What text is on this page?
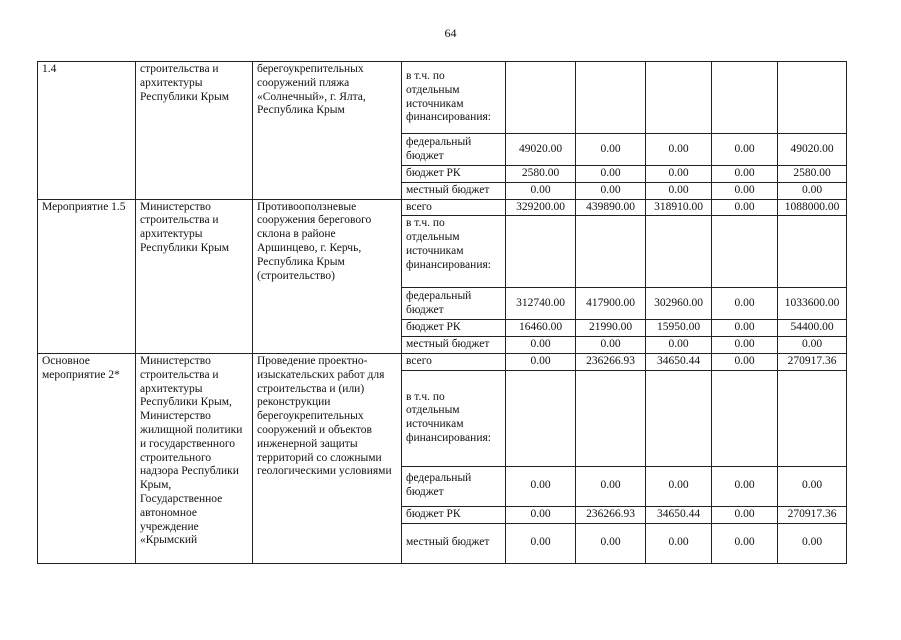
64
1.4	строительства и архитектуры Республики Крым	берегоукрепительных сооружений пляжа «Солнечный», г. Ялта, Республика Крым	в т.ч. по отдельным источникам финансирования:					
			федеральный бюджет	49020.00	0.00	0.00	0.00	49020.00
			бюджет РК	2580.00	0.00	0.00	0.00	2580.00
			местный бюджет	0.00	0.00	0.00	0.00	0.00
Мероприятие 1.5	Министерство строительства и архитектуры Республики Крым	Противооползневые сооружения берегового склона в районе Аршинцево, г. Керчь, Республика Крым (строительство)	всего	329200.00	439890.00	318910.00	0.00	1088000.00
			в т.ч. по отдельным источникам финансирования:					
			федеральный бюджет	312740.00	417900.00	302960.00	0.00	1033600.00
			бюджет РК	16460.00	21990.00	15950.00	0.00	54400.00
			местный бюджет	0.00	0.00	0.00	0.00	0.00
Основное мероприятие 2*	Министерство строительства и архитектуры Республики Крым, Министерство жилищной политики и государственного строительного надзора Республики Крым, Государственное автономное учреждение «Крымский	Проведение проектно-изыскательских работ для строительства и (или) реконструкции берегоукрепительных сооружений и объектов инженерной защиты территорий со сложными геологическими условиями	всего	0.00	236266.93	34650.44	0.00	270917.36
			в т.ч. по отдельным источникам финансирования:					
			федеральный бюджет	0.00	0.00	0.00	0.00	0.00
			бюджет РК	0.00	236266.93	34650.44	0.00	270917.36
			местный бюджет	0.00	0.00	0.00	0.00	0.00
